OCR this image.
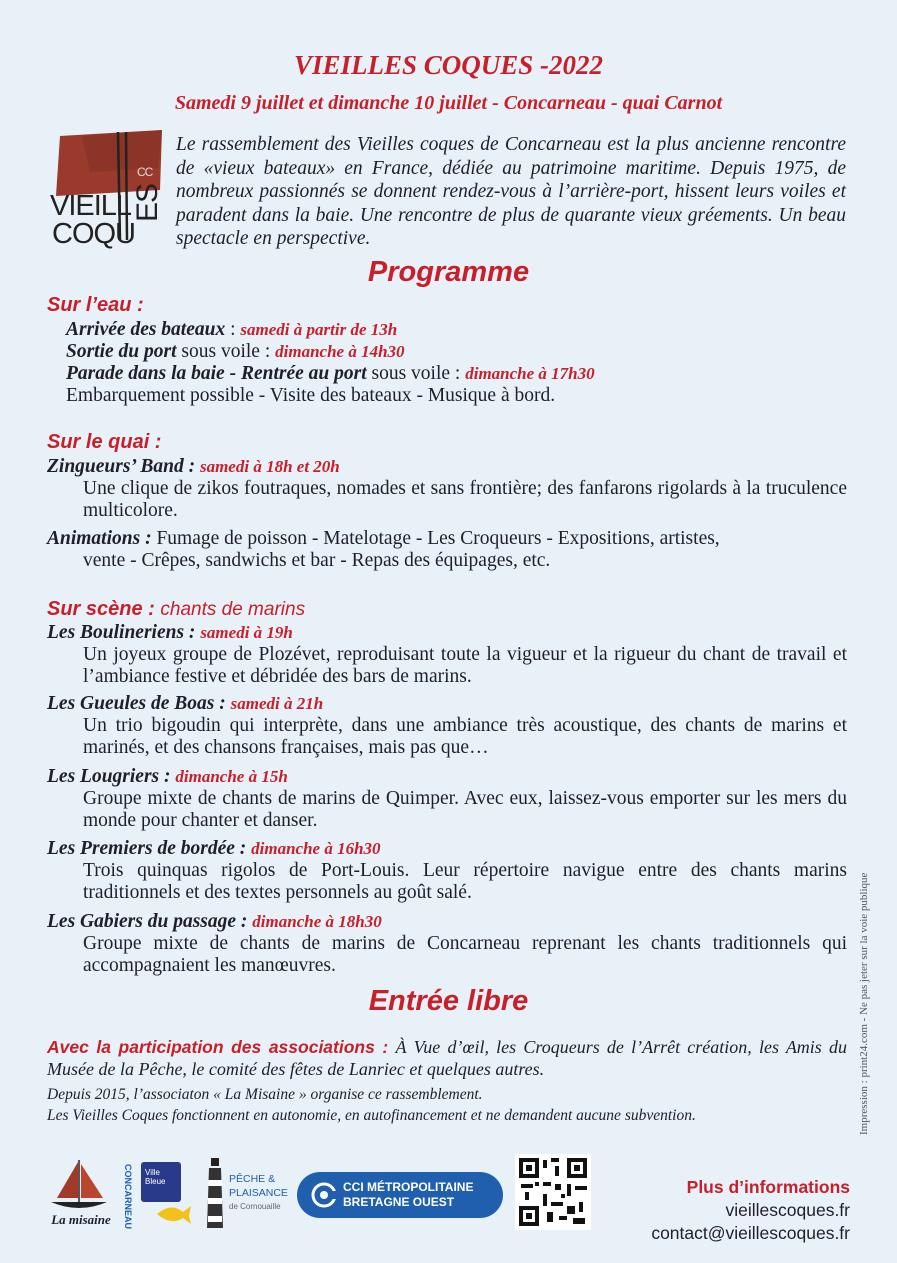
VIEILLES COQUES -2022
Samedi 9 juillet et dimanche 10 juillet - Concarneau - quai Carnot
VIEILL
COQU
ES
CC
Le rassemblement des Vieilles coques de Concarneau est la plus ancienne rencontre de «vieux bateaux» en France, dédiée au patrimoine maritime. Depuis 1975, de nombreux passionnés se donnent rendez-vous à l’arrière-port, hissent leurs voiles et paradent dans la baie. Une rencontre de plus de quarante vieux gréements. Un beau spectacle en perspective.
Programme
Sur l’eau :
Arrivée des bateaux : samedi à partir de 13h
Sortie du port sous voile : dimanche à 14h30
Parade dans la baie - Rentrée au port sous voile : dimanche à 17h30
Embarquement possible - Visite des bateaux - Musique à bord.
Sur le quai :
Zingueurs’ Band : samedi à 18h et 20h
Une clique de zikos foutraques, nomades et sans frontière; des fanfarons rigolards à la truculence multicolore.
Animations : Fumage de poisson - Matelotage - Les Croqueurs - Expositions, artistes,
vente - Crêpes, sandwichs et bar - Repas des équipages, etc.
Sur scène : chants de marins
Les Boulineriens : samedi à 19h
Un joyeux groupe de Plozévet, reproduisant toute la vigueur et la rigueur du chant de travail et l’ambiance festive et débridée des bars de marins.
Les Gueules de Boas : samedi à 21h
Un trio bigoudin qui interprète, dans une ambiance très acoustique, des chants de marins et marinés, et des chansons françaises, mais pas que…
Les Lougriers : dimanche à 15h
Groupe mixte de chants de marins de Quimper. Avec eux, laissez-vous emporter sur les mers du monde pour chanter et danser.
Les Premiers de bordée : dimanche à 16h30
Trois quinquas rigolos de Port-Louis. Leur répertoire navigue entre des chants marins traditionnels et des textes personnels au goût salé.
Les Gabiers du passage : dimanche à 18h30
Groupe mixte de chants de marins de Concarneau reprenant les chants traditionnels qui accompagnaient les manœuvres.
Entrée libre
Avec la participation des associations : À Vue d’œil, les Croqueurs de l’Arrêt création, les Amis du Musée de la Pêche, le comité des fêtes de Lanriec et quelques autres.
Depuis 2015, l’associaton « La Misaine » organise ce rassemblement.
Les Vieilles Coques fonctionnent en autonomie, en autofinancement et ne demandent aucune subvention.	Impression : print24.com - Ne pas jeter sur la voie publique
La misaine CONCARNEAU Ville Bleue	PÊCHE &
PLAISANCE
de Cornouaille
CCI MÉTROPOLITAINE
BRETAGNE OUEST
Plus d’informations
vieillescoques.fr
contact@vieillescoques.fr
